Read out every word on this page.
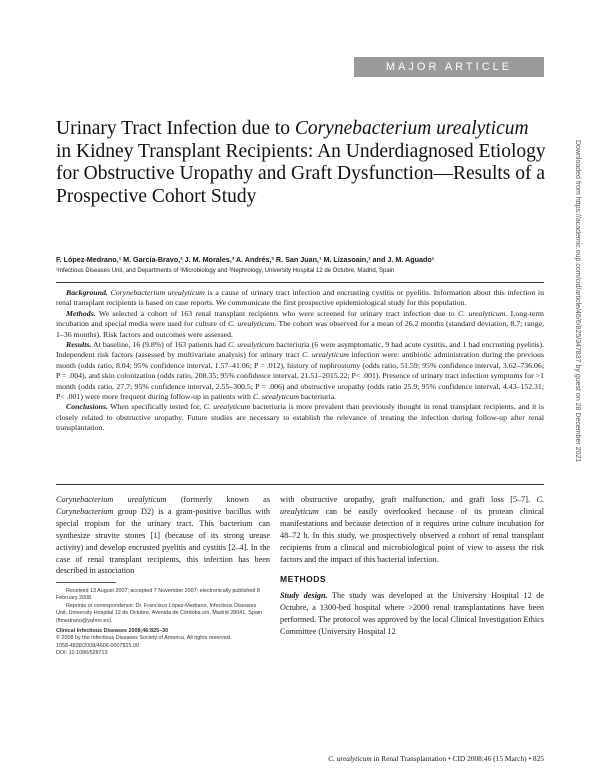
MAJOR ARTICLE
Downloaded from https://academic.oup.com/cid/article/46/6/825/347837 by guest on 28 December 2021
Urinary Tract Infection due to Corynebacterium urealyticum in Kidney Transplant Recipients: An Underdiagnosed Etiology for Obstructive Uropathy and Graft Dysfunction—Results of a Prospective Cohort Study
F. López-Medrano,¹ M. García-Bravo,² J. M. Morales,³ A. Andrés,³ R. San Juan,¹ M. Lizasoain,¹ and J. M. Aguado¹
¹Infectious Diseases Unit, and Departments of ²Microbiology and ³Nephrology, University Hospital 12 de Octubre, Madrid, Spain

Background. Corynebacterium urealyticum is a cause of urinary tract infection and encrusting cystitis or pyelitis. Information about this infection in renal transplant recipients is based on case reports. We communicate the first prospective epidemiological study for this population.

Methods. We selected a cohort of 163 renal transplant recipients who were screened for urinary tract infection due to C. urealyticum. Long-term incubation and special media were used for culture of C. urealyticum. The cohort was observed for a mean of 26.2 months (standard deviation, 8.7; range, 1–36 months). Risk factors and outcomes were assessed.

Results. At baseline, 16 (9.8%) of 163 patients had C. urealyticum bacteriuria (6 were asymptomatic, 9 had acute cystitis, and 1 had encrusting pyelitis). Independent risk factors (assessed by multivariate analysis) for urinary tract C. urealyticum infection were: antibiotic administration during the previous month (odds ratio, 8.04; 95% confidence interval, 1.57–41.06; P = .012), history of nephrostomy (odds ratio, 51.59; 95% confidence interval, 3.62–736.06; P = .004), and skin colonization (odds ratio, 208.35; 95% confidence interval, 21.51–2015.22; P< .001). Presence of urinary tract infection symptoms for >1 month (odds ratio, 27.7; 95% confidence interval, 2.55–300.5; P = .006) and obstructive uropathy (odds ratio 25.9; 95% confidence interval, 4.43–152.31; P< .001) were more frequent during follow-up in patients with C. urealyticum bacteriuria.

Conclusions. When specifically tested for, C. urealyticum bacteriuria is more prevalent than previously thought in renal transplant recipients, and it is closely related to obstructive uropathy. Future studies are necessary to establish the relevance of treating the infection during follow-up after renal transplantation.

Corynebacterium urealyticum (formerly known as Corynebacterium group D2) is a gram-positive bacillus with special tropism for the urinary tract. This bacterium can synthesize struvite stones [1] (because of its strong urease activity) and develop encrusted pyelitis and cystitis [2–4]. In the case of renal transplant recipients, this infection has been described in association

Received 13 August 2007; accepted 7 November 2007; electronically published 8 February 2008.

Reprints or correspondence: Dr. Francisco López-Medrano, Infectious Diseases Unit, University Hospital 12 de Octubre, Avenida de Córdoba s/n, Madrid 28041, Spain (flmedrano@yahoo.es).

Clinical Infectious Diseases 2008;46:825–30

© 2008 by the Infectious Diseases Society of America. All rights reserved.

1058-4838/2008/4606-0007$15.00

DOI: 10.1086/528713

with obstructive uropathy, graft malfunction, and graft loss [5–7]. C. urealyticum can be easily overlooked because of its protean clinical manifestations and because detection of it requires urine culture incubation for 48–72 h. In this study, we prospectively observed a cohort of renal transplant recipients from a clinical and microbiological point of view to assess the risk factors and the impact of this bacterial infection.

METHODS

Study design. The study was developed at the University Hospital 12 de Octubre, a 1300-bed hospital where >2000 renal transplantations have been performed. The protocol was approved by the local Clinical Investigation Ethics Committee (University Hospital 12

C. urealyticum in Renal Transplantation • CID 2008:46 (15 March) • 825
